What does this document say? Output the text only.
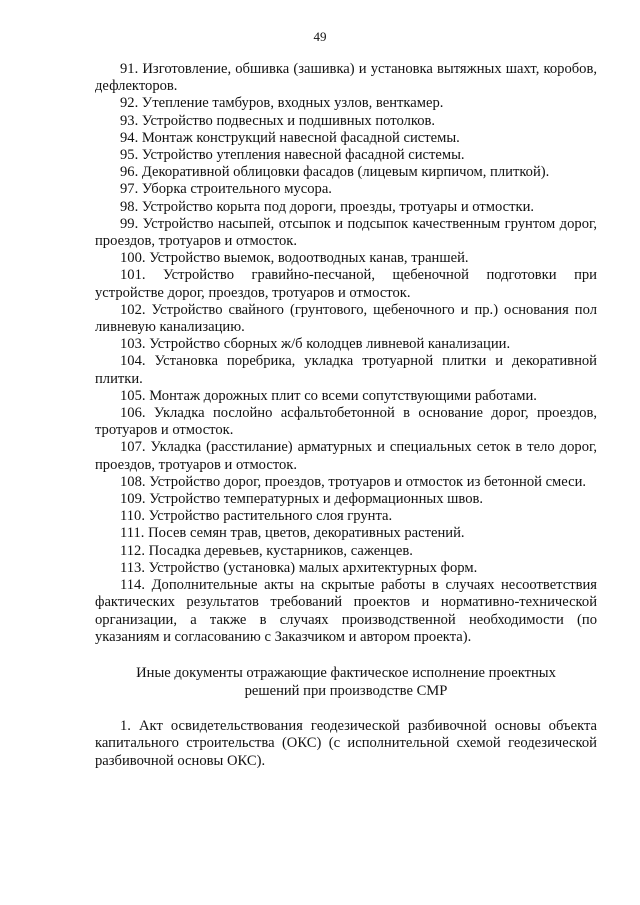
49

91. Изготовление, обшивка (зашивка) и установка вытяжных шахт, коробов, дефлекторов.

92. Утепление тамбуров, входных узлов, венткамер.

93. Устройство подвесных и подшивных потолков.

94. Монтаж конструкций навесной фасадной системы.

95. Устройство утепления навесной фасадной системы.

96. Декоративной облицовки фасадов (лицевым кирпичом, плиткой).

97. Уборка строительного мусора.

98. Устройство корыта под дороги, проезды, тротуары и отмостки.

99. Устройство насыпей, отсыпок и подсыпок качественным грунтом дорог, проездов, тротуаров и отмосток.

100. Устройство выемок, водоотводных канав, траншей.

101. Устройство гравийно-песчаной, щебеночной подготовки при устройстве дорог, проездов, тротуаров и отмосток.

102. Устройство свайного (грунтового, щебеночного и пр.) основания пол ливневую канализацию.

103. Устройство сборных ж/б колодцев ливневой канализации.

104. Установка поребрика, укладка тротуарной плитки и декоративной плитки.

105. Монтаж дорожных плит со всеми сопутствующими работами.

106. Укладка послойно асфальтобетонной в основание дорог, проездов, тротуаров и отмосток.

107. Укладка (расстилание) арматурных и специальных сеток в тело дорог, проездов, тротуаров и отмосток.

108. Устройство дорог, проездов, тротуаров и отмосток из бетонной смеси.

109. Устройство температурных и деформационных швов.

110. Устройство растительного слоя грунта.

111. Посев семян трав, цветов, декоративных растений.

112. Посадка деревьев, кустарников, саженцев.

113. Устройство (установка) малых архитектурных форм.

114. Дополнительные акты на скрытые работы в случаях несоответствия фактических результатов требований проектов и нормативно-технической организации, а также в случаях производственной необходимости (по указаниям и согласованию с Заказчиком и автором проекта).

Иные документы отражающие фактическое исполнение проектных решений при производстве СМР

1. Акт освидетельствования геодезической разбивочной основы объекта капитального строительства (ОКС) (с исполнительной схемой геодезической разбивочной основы ОКС).
